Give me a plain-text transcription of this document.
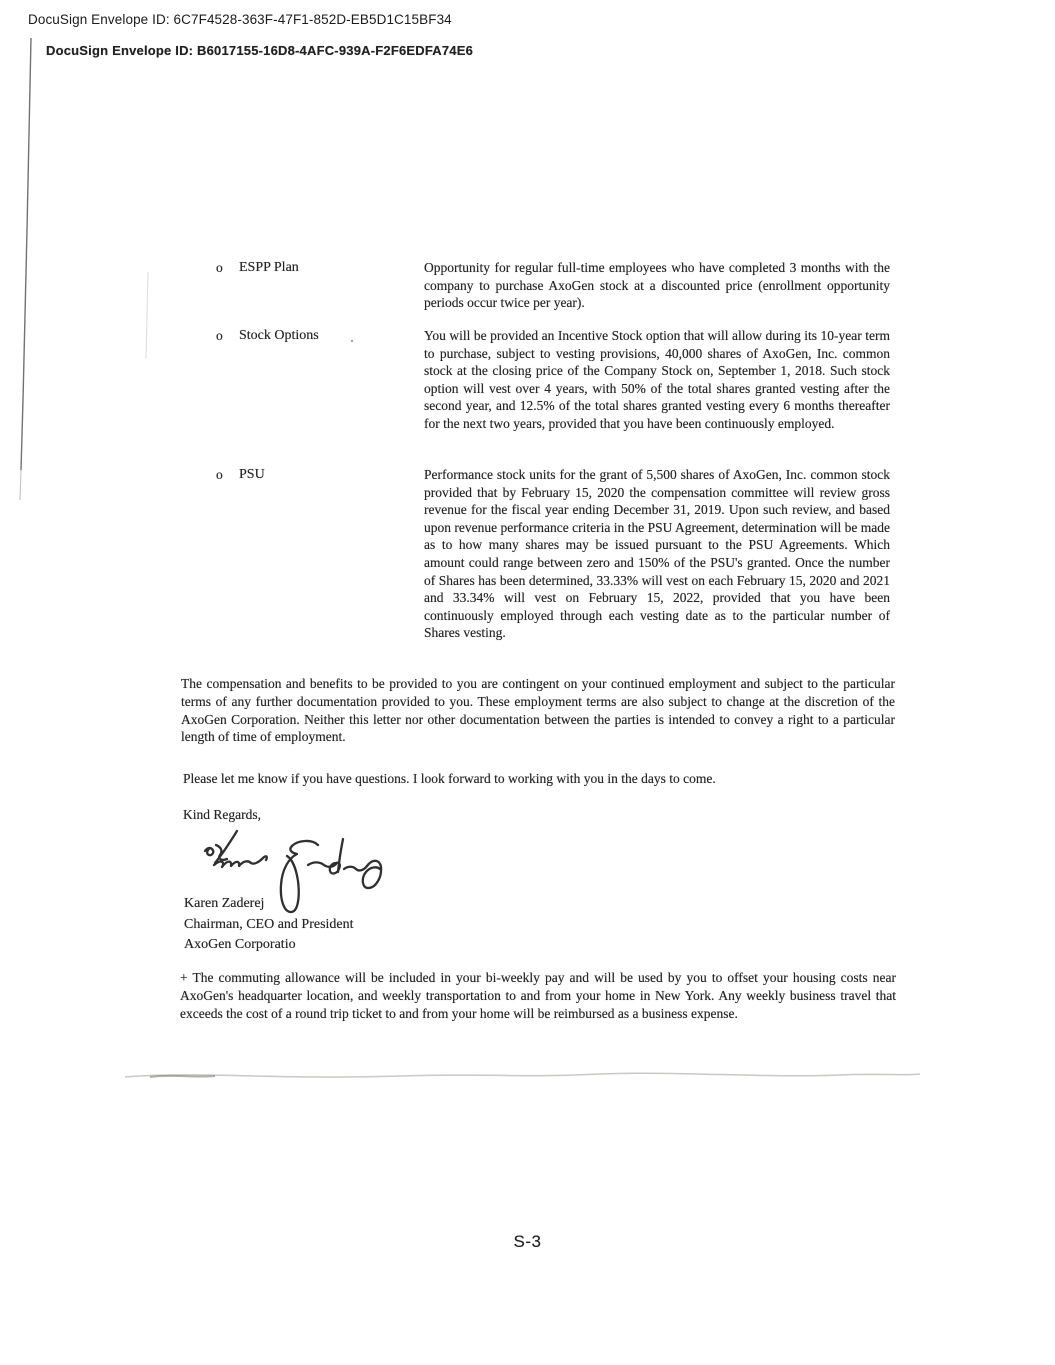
DocuSign Envelope ID: 6C7F4528-363F-47F1-852D-EB5D1C15BF34
DocuSign Envelope ID: B6017155-16D8-4AFC-939A-F2F6EDFA74E6
o ESPP Plan	Opportunity for regular full-time employees who have completed 3 months with the company to purchase AxoGen stock at a discounted price (enrollment opportunity periods occur twice per year).
o Stock Options	You will be provided an Incentive Stock option that will allow during its 10-year term to purchase, subject to vesting provisions, 40,000 shares of AxoGen, Inc. common stock at the closing price of the Company Stock on, September 1, 2018. Such stock option will vest over 4 years, with 50% of the total shares granted vesting after the second year, and 12.5% of the total shares granted vesting every 6 months thereafter for the next two years, provided that you have been continuously employed.
o PSU	Performance stock units for the grant of 5,500 shares of AxoGen, Inc. common stock provided that by February 15, 2020 the compensation committee will review gross revenue for the fiscal year ending December 31, 2019. Upon such review, and based upon revenue performance criteria in the PSU Agreement, determination will be made as to how many shares may be issued pursuant to the PSU Agreements. Which amount could range between zero and 150% of the PSU's granted. Once the number of Shares has been determined, 33.33% will vest on each February 15, 2020 and 2021 and 33.34% will vest on February 15, 2022, provided that you have been continuously employed through each vesting date as to the particular number of Shares vesting.
The compensation and benefits to be provided to you are contingent on your continued employment and subject to the particular terms of any further documentation provided to you. These employment terms are also subject to change at the discretion of the AxoGen Corporation. Neither this letter nor other documentation between the parties is intended to convey a right to a particular length of time of employment.
Please let me know if you have questions. I look forward to working with you in the days to come.
Kind Regards,
Karen Zaderej
Chairman, CEO and President
AxoGen Corporatio
+ The commuting allowance will be included in your bi-weekly pay and will be used by you to offset your housing costs near AxoGen's headquarter location, and weekly transportation to and from your home in New York. Any weekly business travel that exceeds the cost of a round trip ticket to and from your home will be reimbursed as a business expense.
S-3
